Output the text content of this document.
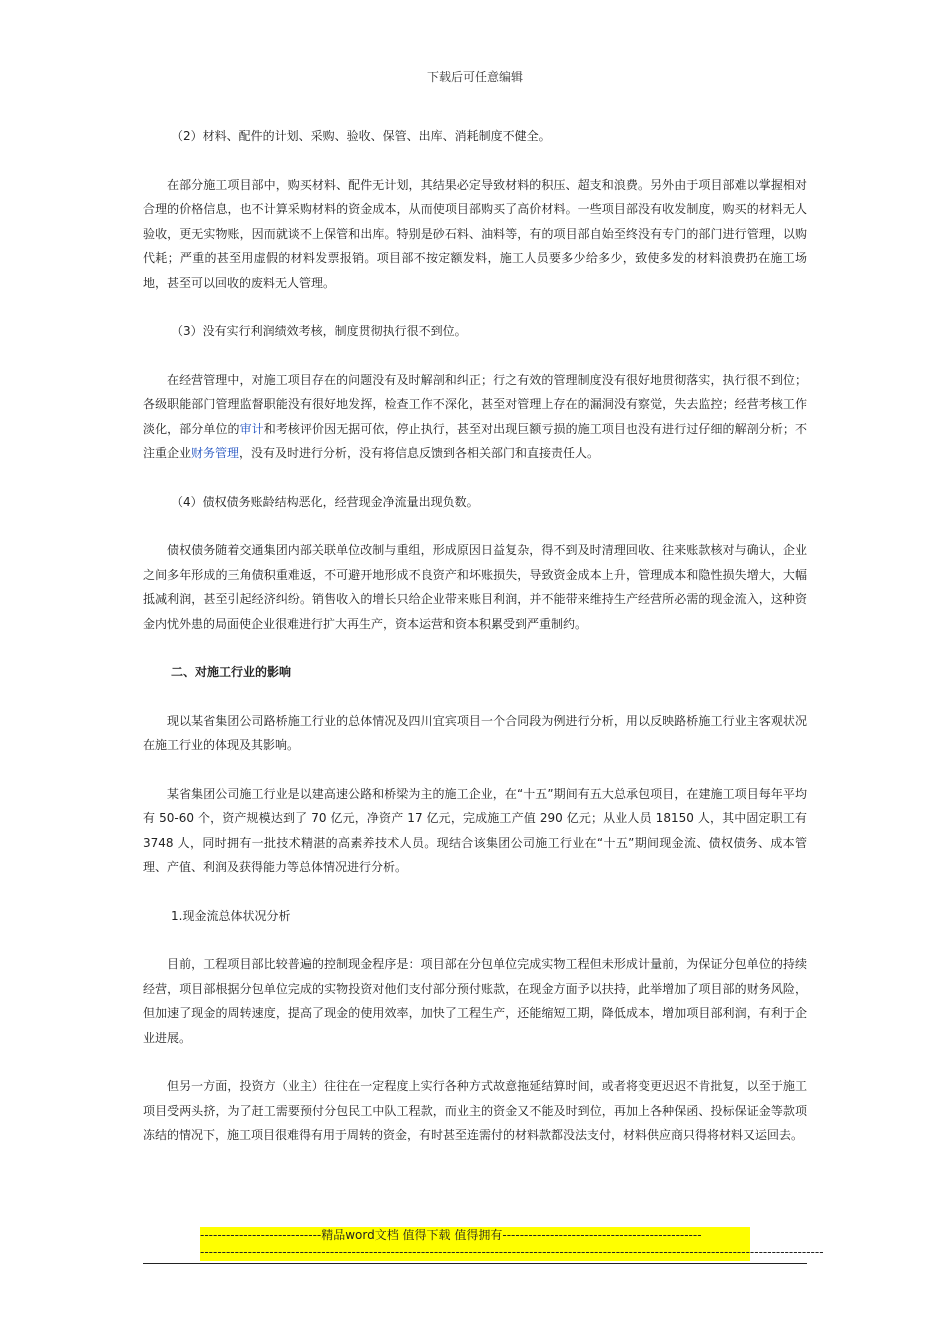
下载后可任意编辑

（2）材料、配件的计划、采购、验收、保管、出库、消耗制度不健全。

在部分施工项目部中，购买材料、配件无计划，其结果必定导致材料的积压、超支和浪费。另外由于项目部难以掌握相对合理的价格信息，也不计算采购材料的资金成本，从而使项目部购买了高价材料。一些项目部没有收发制度，购买的材料无人验收，更无实物账，因而就谈不上保管和出库。特别是砂石料、油料等，有的项目部自始至终没有专门的部门进行管理，以购代耗；严重的甚至用虚假的材料发票报销。项目部不按定额发料，施工人员要多少给多少，致使多发的材料浪费扔在施工场地，甚至可以回收的废料无人管理。

（3）没有实行利润绩效考核，制度贯彻执行很不到位。

在经营管理中，对施工项目存在的问题没有及时解剖和纠正；行之有效的管理制度没有很好地贯彻落实，执行很不到位；各级职能部门管理监督职能没有很好地发挥，检查工作不深化，甚至对管理上存在的漏洞没有察觉，失去监控；经营考核工作淡化，部分单位的审计和考核评价因无据可依，停止执行，甚至对出现巨额亏损的施工项目也没有进行过仔细的解剖分析；不注重企业财务管理，没有及时进行分析，没有将信息反馈到各相关部门和直接责任人。

（4）债权债务账龄结构恶化，经营现金净流量出现负数。

债权债务随着交通集团内部关联单位改制与重组，形成原因日益复杂，得不到及时清理回收、往来账款核对与确认，企业之间多年形成的三角债积重难返，不可避开地形成不良资产和坏账损失，导致资金成本上升，管理成本和隐性损失增大，大幅抵减利润，甚至引起经济纠纷。销售收入的增长只给企业带来账目利润，并不能带来维持生产经营所必需的现金流入，这种资金内忧外患的局面使企业很难进行扩大再生产，资本运营和资本积累受到严重制约。

二、对施工行业的影响

现以某省集团公司路桥施工行业的总体情况及四川宜宾项目一个合同段为例进行分析，用以反映路桥施工行业主客观状况在施工行业的体现及其影响。

某省集团公司施工行业是以建高速公路和桥梁为主的施工企业，在“十五”期间有五大总承包项目，在建施工项目每年平均有 50-60 个，资产规模达到了 70 亿元，净资产 17 亿元，完成施工产值 290 亿元；从业人员 18150 人，其中固定职工有 3748 人，同时拥有一批技术精湛的高素养技术人员。现结合该集团公司施工行业在“十五”期间现金流、债权债务、成本管理、产值、利润及获得能力等总体情况进行分析。

1.现金流总体状况分析

目前，工程项目部比较普遍的控制现金程序是：项目部在分包单位完成实物工程但未形成计量前，为保证分包单位的持续经营，项目部根据分包单位完成的实物投资对他们支付部分预付账款，在现金方面予以扶持，此举增加了项目部的财务风险，但加速了现金的周转速度，提高了现金的使用效率，加快了工程生产，还能缩短工期，降低成本，增加项目部利润，有利于企业进展。

但另一方面，投资方（业主）往往在一定程度上实行各种方式故意拖延结算时间，或者将变更迟迟不肯批复，以至于施工项目受两头挤，为了赶工需要预付分包民工中队工程款，而业主的资金又不能及时到位，再加上各种保函、投标保证金等款项冻结的情况下，施工项目很难得有用于周转的资金，有时甚至连需付的材料款都没法支付，材料供应商只得将材料又运回去。

----------------------------精品word文档 值得下载 值得拥有----------------------------------------------
------------------------------------------------------------------------------------------------------------------------------------------------
